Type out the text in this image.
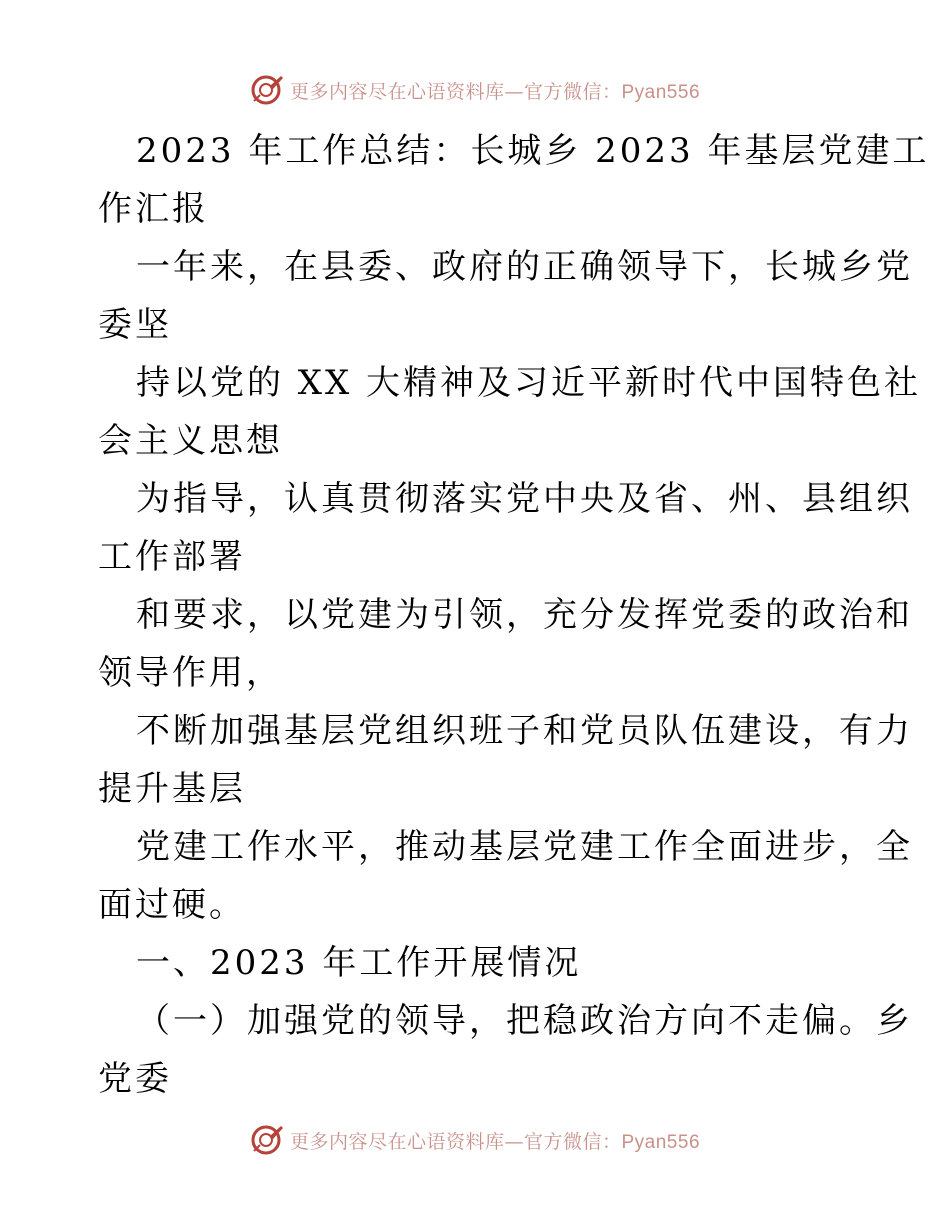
更多内容尽在心语资料库—官方微信：Pyan556
2023 年工作总结：长城乡 2023 年基层党建工
作汇报
一年来，在县委、政府的正确领导下，长城乡党
委坚
持以党的 XX 大精神及习近平新时代中国特色社
会主义思想
为指导，认真贯彻落实党中央及省、州、县组织
工作部署
和要求，以党建为引领，充分发挥党委的政治和
领导作用，
不断加强基层党组织班子和党员队伍建设，有力
提升基层
党建工作水平，推动基层党建工作全面进步，全
面过硬。
一、2023 年工作开展情况
（一）加强党的领导，把稳政治方向不走偏。乡
党委
更多内容尽在心语资料库—官方微信：Pyan556
